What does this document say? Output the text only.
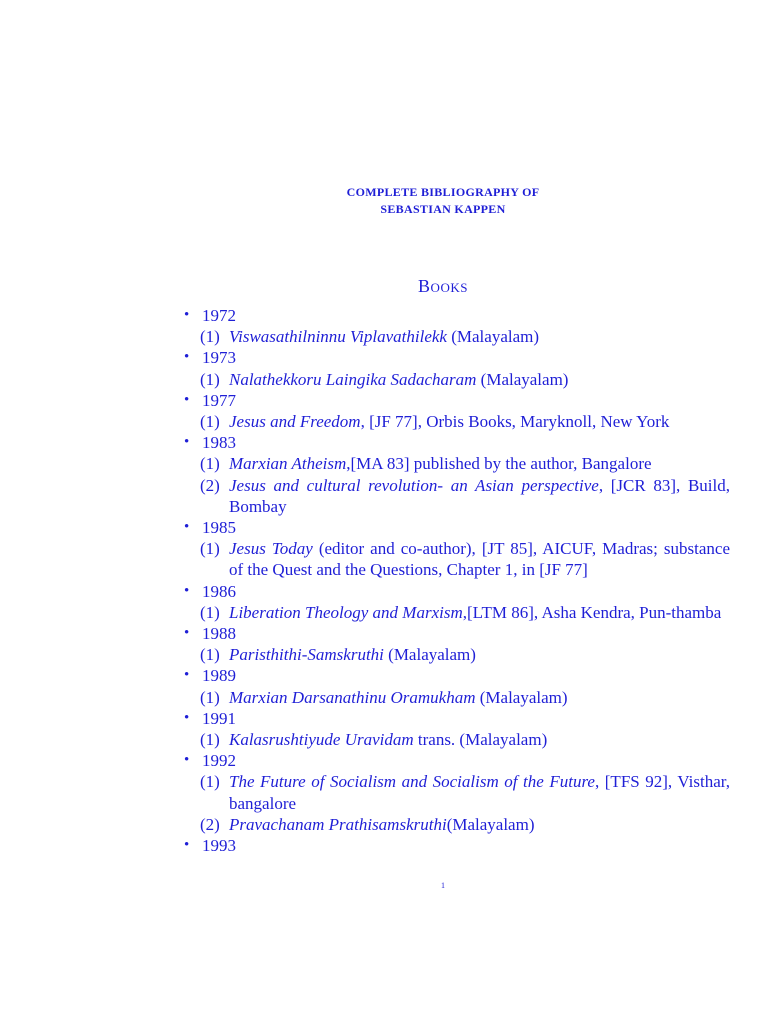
COMPLETE BIBLIOGRAPHY OF
SEBASTIAN KAPPEN
Books
• 1972
(1) Viswasathilninnu Viplavathilekk (Malayalam)
• 1973
(1) Nalathekkoru Laingika Sadacharam (Malayalam)
• 1977
(1) Jesus and Freedom, [JF 77], Orbis Books, Maryknoll, New York
• 1983
(1) Marxian Atheism,[MA 83] published by the author, Bangalore
(2) Jesus and cultural revolution- an Asian perspective, [JCR 83], Build, Bombay
• 1985
(1) Jesus Today (editor and co-author), [JT 85], AICUF, Madras; substance of the Quest and the Questions, Chapter 1, in [JF 77]
• 1986
(1) Liberation Theology and Marxism,[LTM 86], Asha Kendra, Pun-thamba
• 1988
(1) Paristhithi-Samskruthi (Malayalam)
• 1989
(1) Marxian Darsanathinu Oramukham (Malayalam)
• 1991
(1) Kalasrushtiyude Uravidam trans. (Malayalam)
• 1992
(1) The Future of Socialism and Socialism of the Future, [TFS 92], Visthar, bangalore
(2) Pravachanam Prathisamskruthi(Malayalam)
• 1993
1
